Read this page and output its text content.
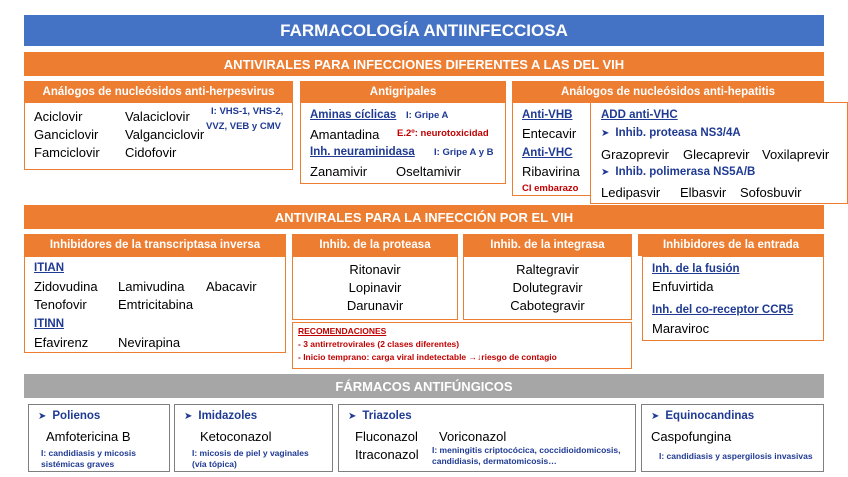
FARMACOLOGÍA ANTIINFECCIOSA
ANTIVIRALES PARA INFECCIONES DIFERENTES A LAS DEL VIH
Análogos de nucleósidos anti-herpesvirus
Aciclovir
Ganciclovir
Famciclovir
Valaciclovir
Valganciclovir
Cidofovir
I: VHS-1, VHS-2,
VVZ, VEB y CMV
Antigripales
Aminas cíclicas I: Gripe A
Amantadina E.2º: neurotoxicidad
Inh. neuraminidasa I: Gripe A y B
Zanamivir Oseltamivir
Análogos de nucleósidos anti-hepatitis
Anti-VHB
Entecavir
Anti-VHC
Ribavirina
CI embarazo
ADD anti-VHC
➤ Inhib. proteasa NS3/4A
Grazoprevir Glecaprevir Voxilaprevir
➤ Inhib. polimerasa NS5A/B
Ledipasvir Elbasvir Sofosbuvir
ANTIVIRALES PARA LA INFECCIÓN POR EL VIH
Inhibidores de la transcriptasa inversa
ITIAN
Zidovudina Lamivudina Abacavir
Tenofovir Emtricitabina
ITINN
Efavirenz Nevirapina
Inhib. de la proteasa
Ritonavir
Lopinavir
Darunavir
Inhib. de la integrasa
Raltegravir
Dolutegravir
Cabotegravir
Inhibidores de la entrada
Inh. de la fusión
Enfuvirtida
Inh. del co-receptor CCR5
Maraviroc
RECOMENDACIONES
- 3 antirretrovirales (2 clases diferentes)
- Inicio temprano: carga viral indetectable →↓riesgo de contagio
FÁRMACOS ANTIFÚNGICOS
➤ Polienos
Amfotericina B
I: candidiasis y micosis
sistémicas graves
➤ Imidazoles
Ketoconazol
I: micosis de piel y vaginales
(vía tópica)
➤ Triazoles
Fluconazol Voriconazol
Itraconazol I: meningitis criptocócica, coccidioidomicosis,
candidiasis, dermatomicosis…
➤ Equinocandinas
Caspofungina
I: candidiasis y aspergilosis invasivas
